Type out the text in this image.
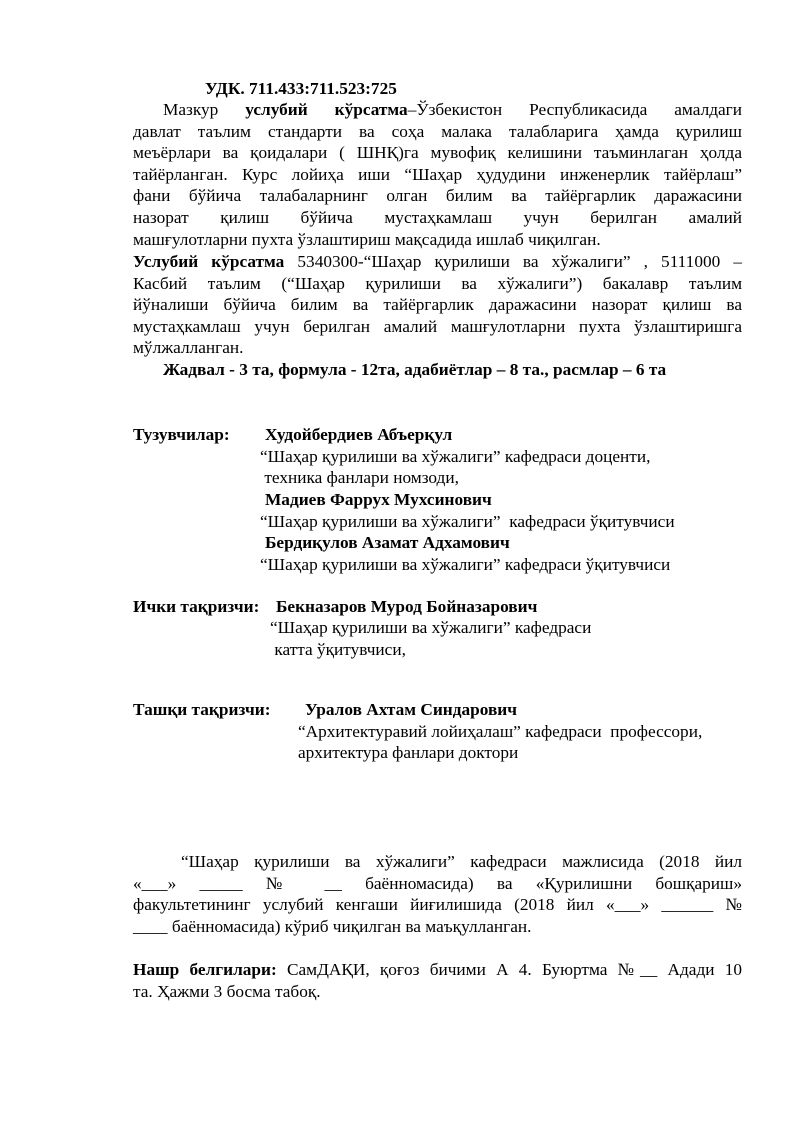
УДК. 711.433:711.523:725
Мазкур услубий кўрсатма–Ўзбекистон Республикасида амалдаги
давлат таълим стандарти ва соҳа малака талабларига ҳамда қурилиш
меъёрлари ва қоидалари ( ШНҚ)га мувофиқ келишини таъминлаган ҳолда
тайёрланган. Курс лойиҳа иши “Шаҳар ҳудудини инженерлик тайёрлаш”
фани бўйича талабаларнинг олган билим ва тайёргарлик даражасини
назорат қилиш бўйича мустаҳкамлаш учун берилган амалий
машғулотларни пухта ўзлаштириш мақсадида ишлаб чиқилган.
Услубий кўрсатма 5340300-“Шаҳар қурилиши ва хўжалиги” , 5111000 –
Касбий таълим (“Шаҳар қурилиши ва хўжалиги”) бакалавр таълим
йўналиши бўйича билим ва тайёргарлик даражасини назорат қилиш ва
мустаҳкамлаш учун берилган амалий машғулотларни пухта ўзлаштиришга
мўлжалланган.
Жадвал - 3 та, формула - 12та, адабиётлар – 8 та., расмлар – 6 та
Тузувчилар: Худойбердиев Абъерқул
“Шаҳар қурилиши ва хўжалиги” кафедраси доценти,
техника фанлари номзоди,
Мадиев Фаррух Мухсинович
“Шаҳар қурилиши ва хўжалиги”  кафедраси ўқитувчиси
Бердиқулов Азамат Адхамович
“Шаҳар қурилиши ва хўжалиги” кафедраси ўқитувчиси
Ички тақризчи: Бекназаров Мурод Бойназарович
“Шаҳар қурилиши ва хўжалиги” кафедраси
катта ўқитувчиси,
Ташқи тақризчи: Уралов Ахтам Синдарович
“Архитектуравий лойиҳалаш” кафедраси  профессори,
архитектура фанлари доктори
“Шаҳар қурилиши ва хўжалиги” кафедраси мажлисида (2018 йил
«___» _____ № __ баённомасида) ва «Қурилишни бошқариш»
факультетининг услубий кенгаши йиғилишида (2018 йил «___» ______ №
____ баённомасида) кўриб чиқилган ва маъқулланган.
Нашр белгилари: СамДАҚИ, қоғоз бичими А 4. Буюртма №__ Адади 10
та. Ҳажми 3 босма табоқ.
